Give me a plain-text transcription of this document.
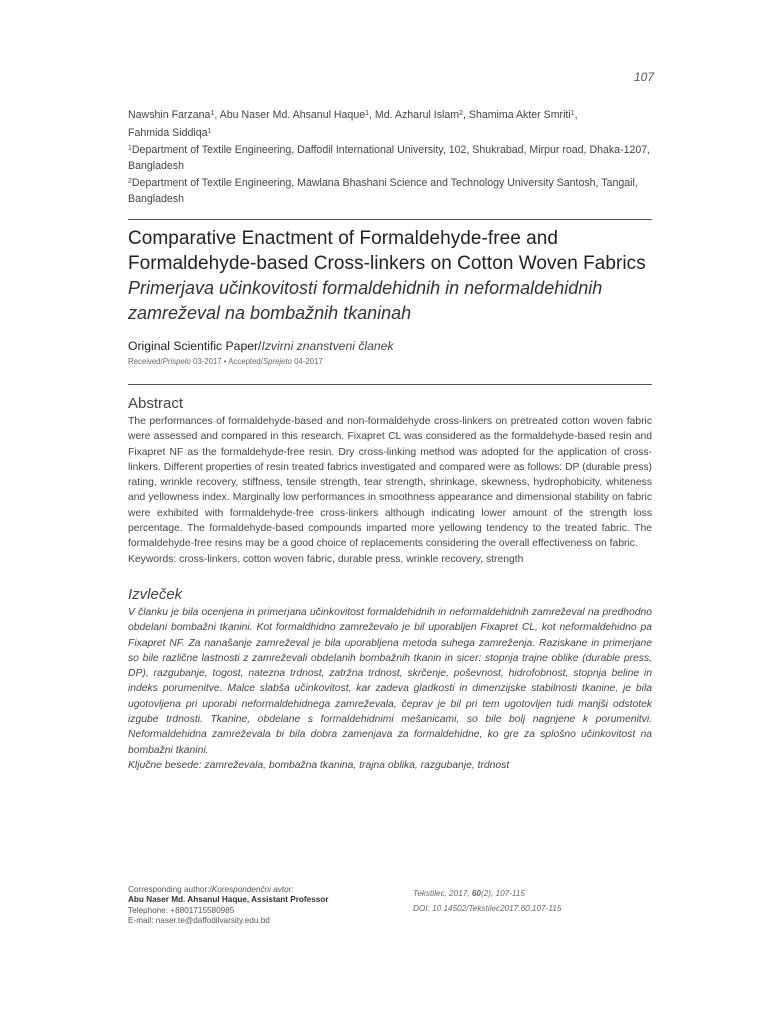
107
Nawshin Farzana$^1$, Abu Naser Md. Ahsanul Haque$^1$, Md. Azharul Islam$^2$, Shamima Akter Smriti$^1$,
Fahmida Siddiqa$^1$
$^1$Department of Textile Engineering, Daffodil International University, 102, Shukrabad, Mirpur road, Dhaka-1207, Bangladesh
$^2$Department of Textile Engineering, Mawlana Bhashani Science and Technology University Santosh, Tangail, Bangladesh
Comparative Enactment of Formaldehyde-free and Formaldehyde-based Cross-linkers on Cotton Woven Fabrics
Primerjava učinkovitosti formaldehidnih in neformaldehidnih zamreževal na bombažnih tkaninah
Original Scientific Paper/Izvirni znanstveni članek
Received/Prispelo 03-2017 • Accepted/Sprejeto 04-2017
Abstract
The performances of formaldehyde-based and non-formaldehyde cross-linkers on pretreated cotton woven fabric were assessed and compared in this research. Fixapret CL was considered as the formaldehyde-based resin and Fixapret NF as the formaldehyde-free resin. Dry cross-linking method was adopted for the application of cross-linkers. Different properties of resin treated fabrics investigated and compared were as follows: DP (durable press) rating, wrinkle recovery, stiffness, tensile strength, tear strength, shrinkage, skewness, hydrophobicity, whiteness and yellowness index. Marginally low performances in smoothness appearance and dimensional stability on fabric were exhibited with formaldehyde-free cross-linkers although indicating lower amount of the strength loss percentage. The formaldehyde-based compounds imparted more yellowing tendency to the treated fabric. The formaldehyde-free resins may be a good choice of replacements considering the overall effectiveness on fabric.
Keywords: cross-linkers, cotton woven fabric, durable press, wrinkle recovery, strength
Izvleček
V članku je bila ocenjena in primerjana učinkovitost formaldehidnih in neformaldehidnih zamreževal na predhodno obdelani bombažni tkanini. Kot formaldhidno zamreževalo je bil uporabljen Fixapret CL, kot neformaldehidno pa Fixapret NF. Za nanašanje zamreževal je bila uporabljena metoda suhega zamreženja. Raziskane in primerjane so bile različne lastnosti z zamreževali obdelanih bombažnih tkanin in sicer: stopnja trajne oblike (durable press, DP), razgubanje, togost, natezna trdnost, zatržna trdnost, skrčenje, poševnost, hidrofobnost, stopnja beline in indeks porumenitve. Malce slabša učinkovitost, kar zadeva gladkosti in dimenzijske stabilnosti tkanine, je bila ugotovljena pri uporabi neformaldehidnega zamreževala, čeprav je bil pri tem ugotovljen tudi manjši odstotek izgube trdnosti. Tkanine, obdelane s formaldehidnimi mešanicami, so bile bolj nagnjene k porumenitvi. Neformaldehidna zamreževala bi bila dobra zamenjava za formaldehidne, ko gre za splošno učinkovitost na bombažni tkanini.
Ključne besede: zamreževala, bombažna tkanina, trajna oblika, razgubanje, trdnost
Corresponding author:/Korespondenčni avtor:
Abu Naser Md. Ahsanul Haque, Assistant Professor
Telephone: +8801715580985
E-mail: naser.te@daffodilvarsity.edu.bd
Tekstilec, 2017, 60(2), 107-115
DOI: 10.14502/Tekstilec2017.60.107-115
